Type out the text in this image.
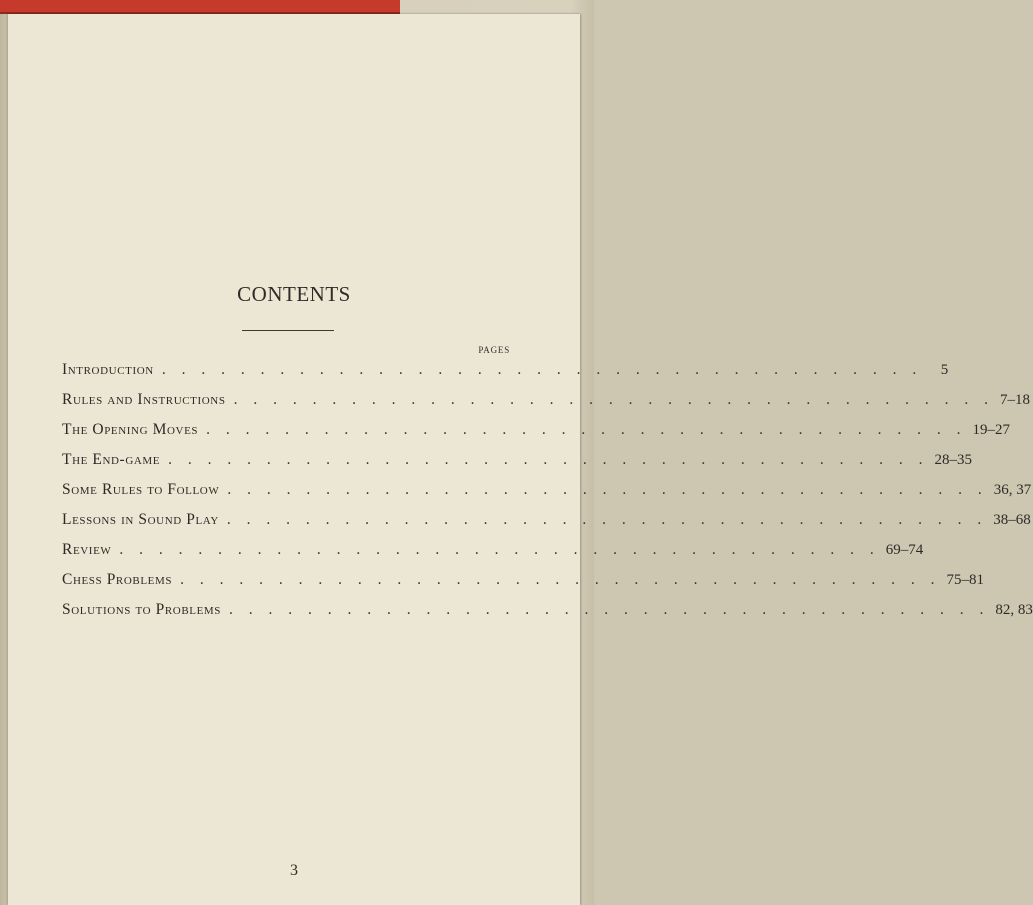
CONTENTS
PAGES
Introduction . . . . . . . . . . . . . . . . . . . . . . . . . . . . . . . . . . . . . . .	5
Rules and Instructions . . . . . . . . . . . . . . . . . . . . . . . . . . . . . . . . . . . . . . . 7–18
The Opening Moves . . . . . . . . . . . . . . . . . . . . . . . . . . . . . . . . . . . . . . . 19–27
The End-game . . . . . . . . . . . . . . . . . . . . . . . . . . . . . . . . . . . . . . . 28–35
Some Rules to Follow . . . . . . . . . . . . . . . . . . . . . . . . . . . . . . . . . . . . . . . 36, 37
Lessons in Sound Play . . . . . . . . . . . . . . . . . . . . . . . . . . . . . . . . . . . . . . . 38–68
Review . . . . . . . . . . . . . . . . . . . . . . . . . . . . . . . . . . . . . . . 69–74
Chess Problems . . . . . . . . . . . . . . . . . . . . . . . . . . . . . . . . . . . . . . . 75–81
Solutions to Problems . . . . . . . . . . . . . . . . . . . . . . . . . . . . . . . . . . . . . . . 82, 83
3
